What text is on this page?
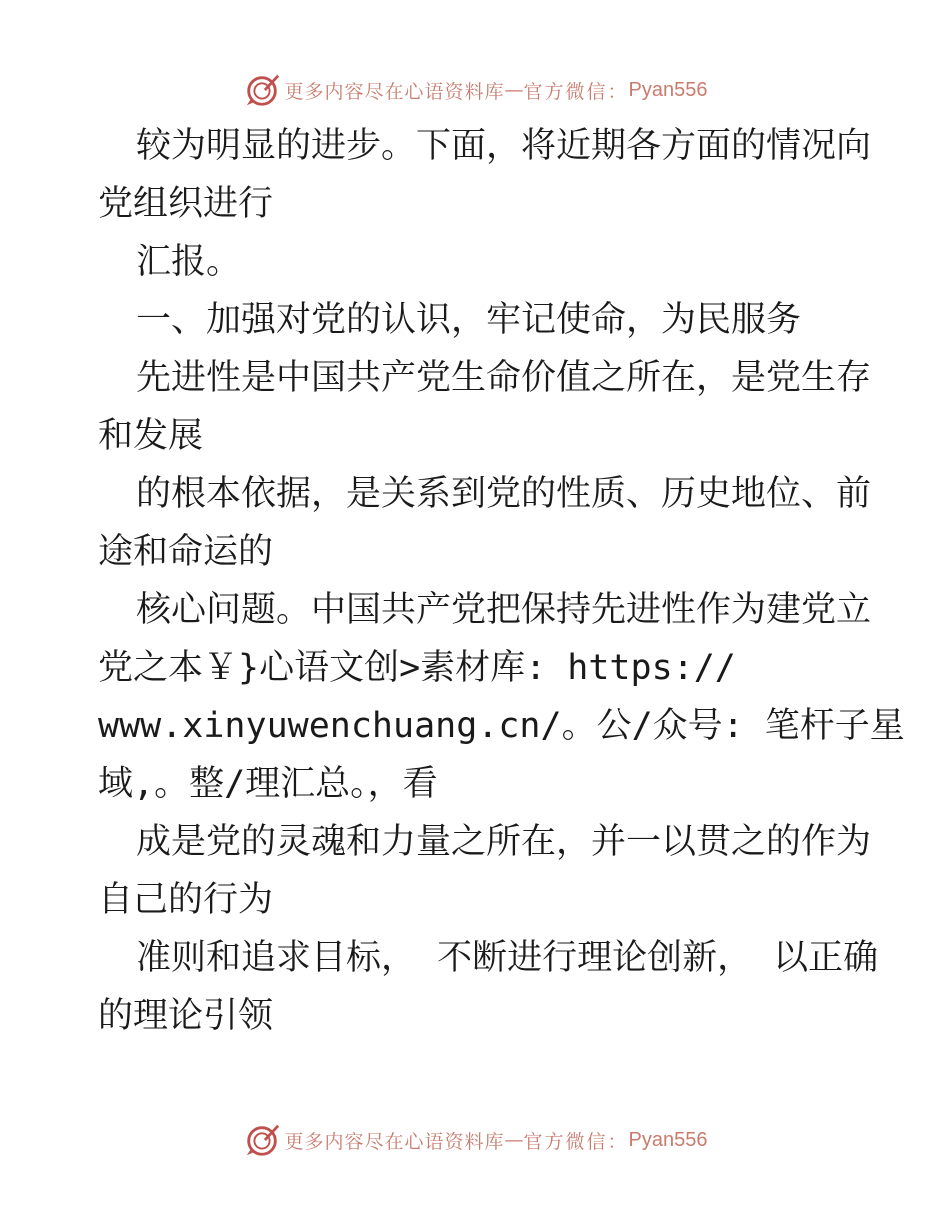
更多内容尽在心语资料库 — 官方微信： Pyan556
较为明显的进步。下面，将近期各方面的情况向
党组织进行
汇报。
一、加强对党的认识，牢记使命，为民服务
先进性是中国共产党生命价值之所在，是党生存
和发展
的根本依据，是关系到党的性质、历史地位、前
途和命运的
核心问题。中国共产党把保持先进性作为建党立
党之本￥}心语文创>素材库: https://
www.xinyuwenchuang.cn/。公/众号: 笔杆子星
域,。整/理汇总。，看
成是党的灵魂和力量之所在，并一以贯之的作为
自己的行为
准则和追求目标， 不断进行理论创新， 以正确
的理论引领
更多内容尽在心语资料库 — 官方微信： Pyan556
